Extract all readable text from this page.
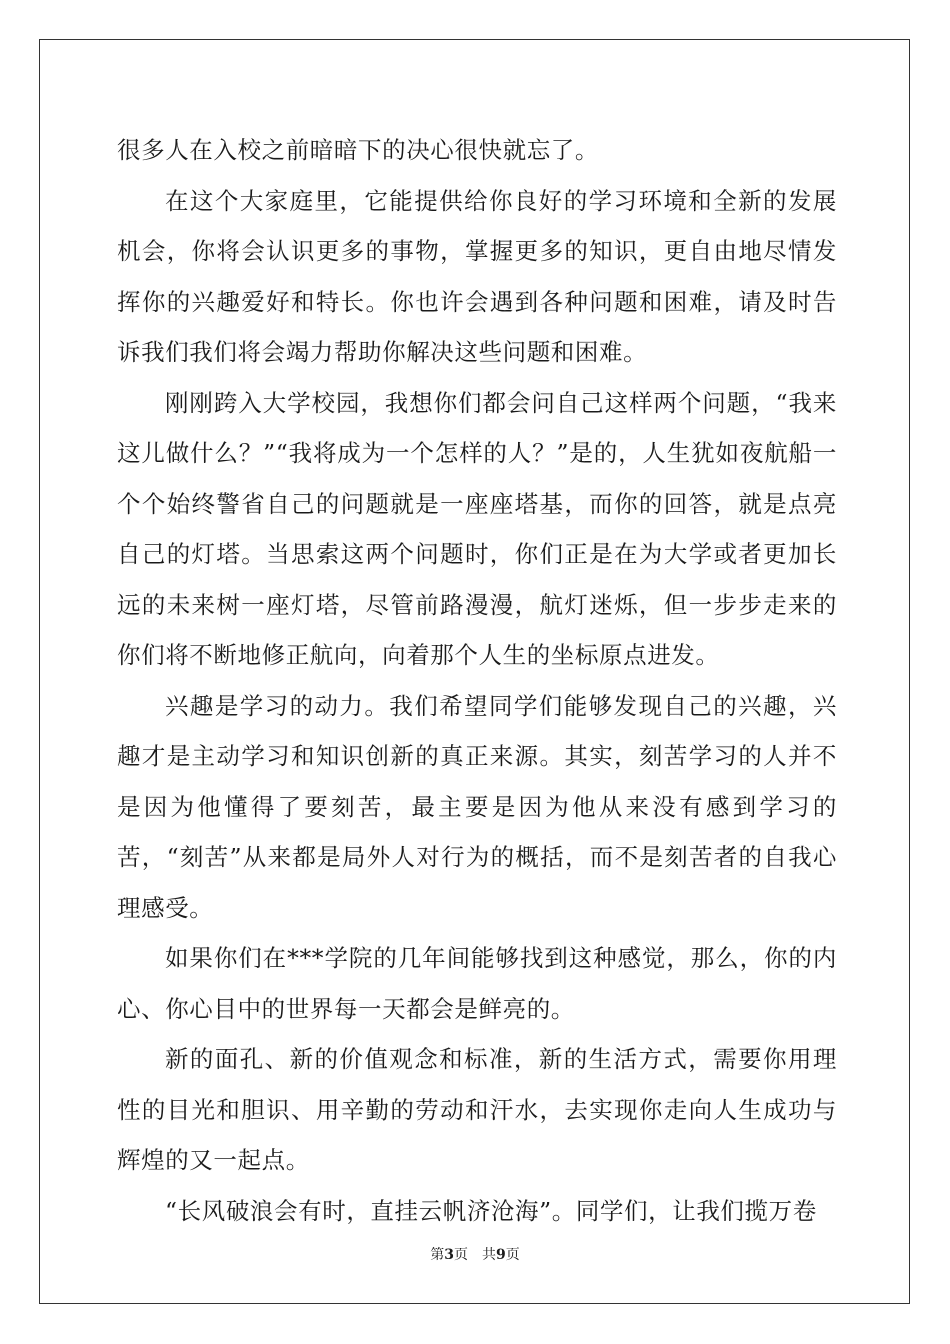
很多人在入校之前暗暗下的决心很快就忘了。

在这个大家庭里，它能提供给你良好的学习环境和全新的发展机会，你将会认识更多的事物，掌握更多的知识，更自由地尽情发挥你的兴趣爱好和特长。你也许会遇到各种问题和困难，请及时告诉我们我们将会竭力帮助你解决这些问题和困难。

刚刚跨入大学校园，我想你们都会问自己这样两个问题，“我来这儿做什么？”“我将成为一个怎样的人？”是的，人生犹如夜航船一个个始终警省自己的问题就是一座座塔基，而你的回答，就是点亮自己的灯塔。当思索这两个问题时，你们正是在为大学或者更加长远的未来树一座灯塔，尽管前路漫漫，航灯迷烁，但一步步走来的你们将不断地修正航向，向着那个人生的坐标原点进发。

兴趣是学习的动力。我们希望同学们能够发现自己的兴趣，兴趣才是主动学习和知识创新的真正来源。其实，刻苦学习的人并不是因为他懂得了要刻苦，最主要是因为他从来没有感到学习的苦，“刻苦”从来都是局外人对行为的概括，而不是刻苦者的自我心理感受。

如果你们在***学院的几年间能够找到这种感觉，那么，你的内心、你心目中的世界每一天都会是鲜亮的。

新的面孔、新的价值观念和标准，新的生活方式，需要你用理性的目光和胆识、用辛勤的劳动和汗水，去实现你走向人生成功与辉煌的又一起点。

“长风破浪会有时，直挂云帆济沧海”。同学们，让我们揽万卷

第3页 共9页
